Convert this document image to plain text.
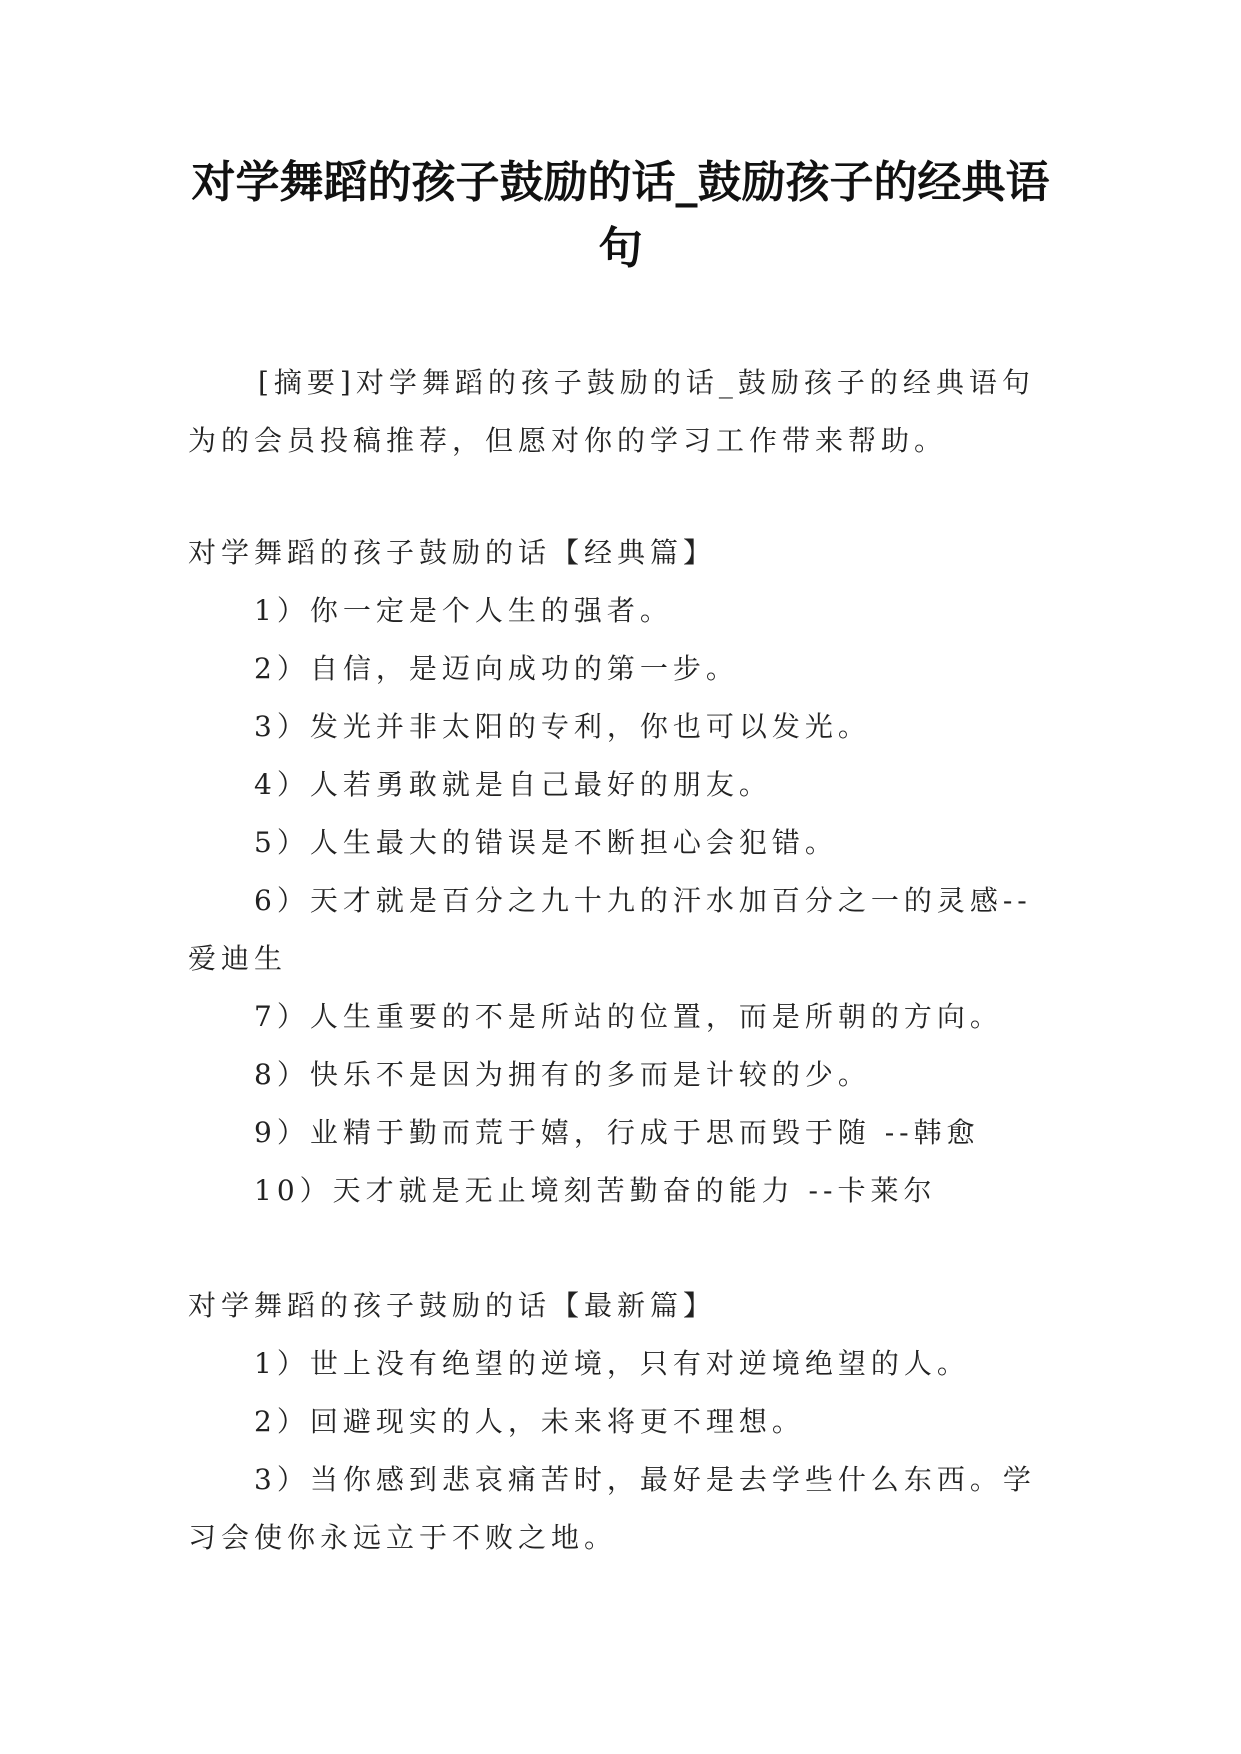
对学舞蹈的孩子鼓励的话_鼓励孩子的经典语句

[摘要]对学舞蹈的孩子鼓励的话_鼓励孩子的经典语句为的会员投稿推荐，但愿对你的学习工作带来帮助。

对学舞蹈的孩子鼓励的话【经典篇】

1）你一定是个人生的强者。

2）自信，是迈向成功的第一步。

3）发光并非太阳的专利，你也可以发光。

4）人若勇敢就是自己最好的朋友。

5）人生最大的错误是不断担心会犯错。

6）天才就是百分之九十九的汗水加百分之一的灵感--爱迪生

7）人生重要的不是所站的位置，而是所朝的方向。

8）快乐不是因为拥有的多而是计较的少。

9）业精于勤而荒于嬉，行成于思而毁于随 --韩愈

10）天才就是无止境刻苦勤奋的能力 --卡莱尔

对学舞蹈的孩子鼓励的话【最新篇】

1）世上没有绝望的逆境，只有对逆境绝望的人。

2）回避现实的人，未来将更不理想。

3）当你感到悲哀痛苦时，最好是去学些什么东西。学习会使你永远立于不败之地。
